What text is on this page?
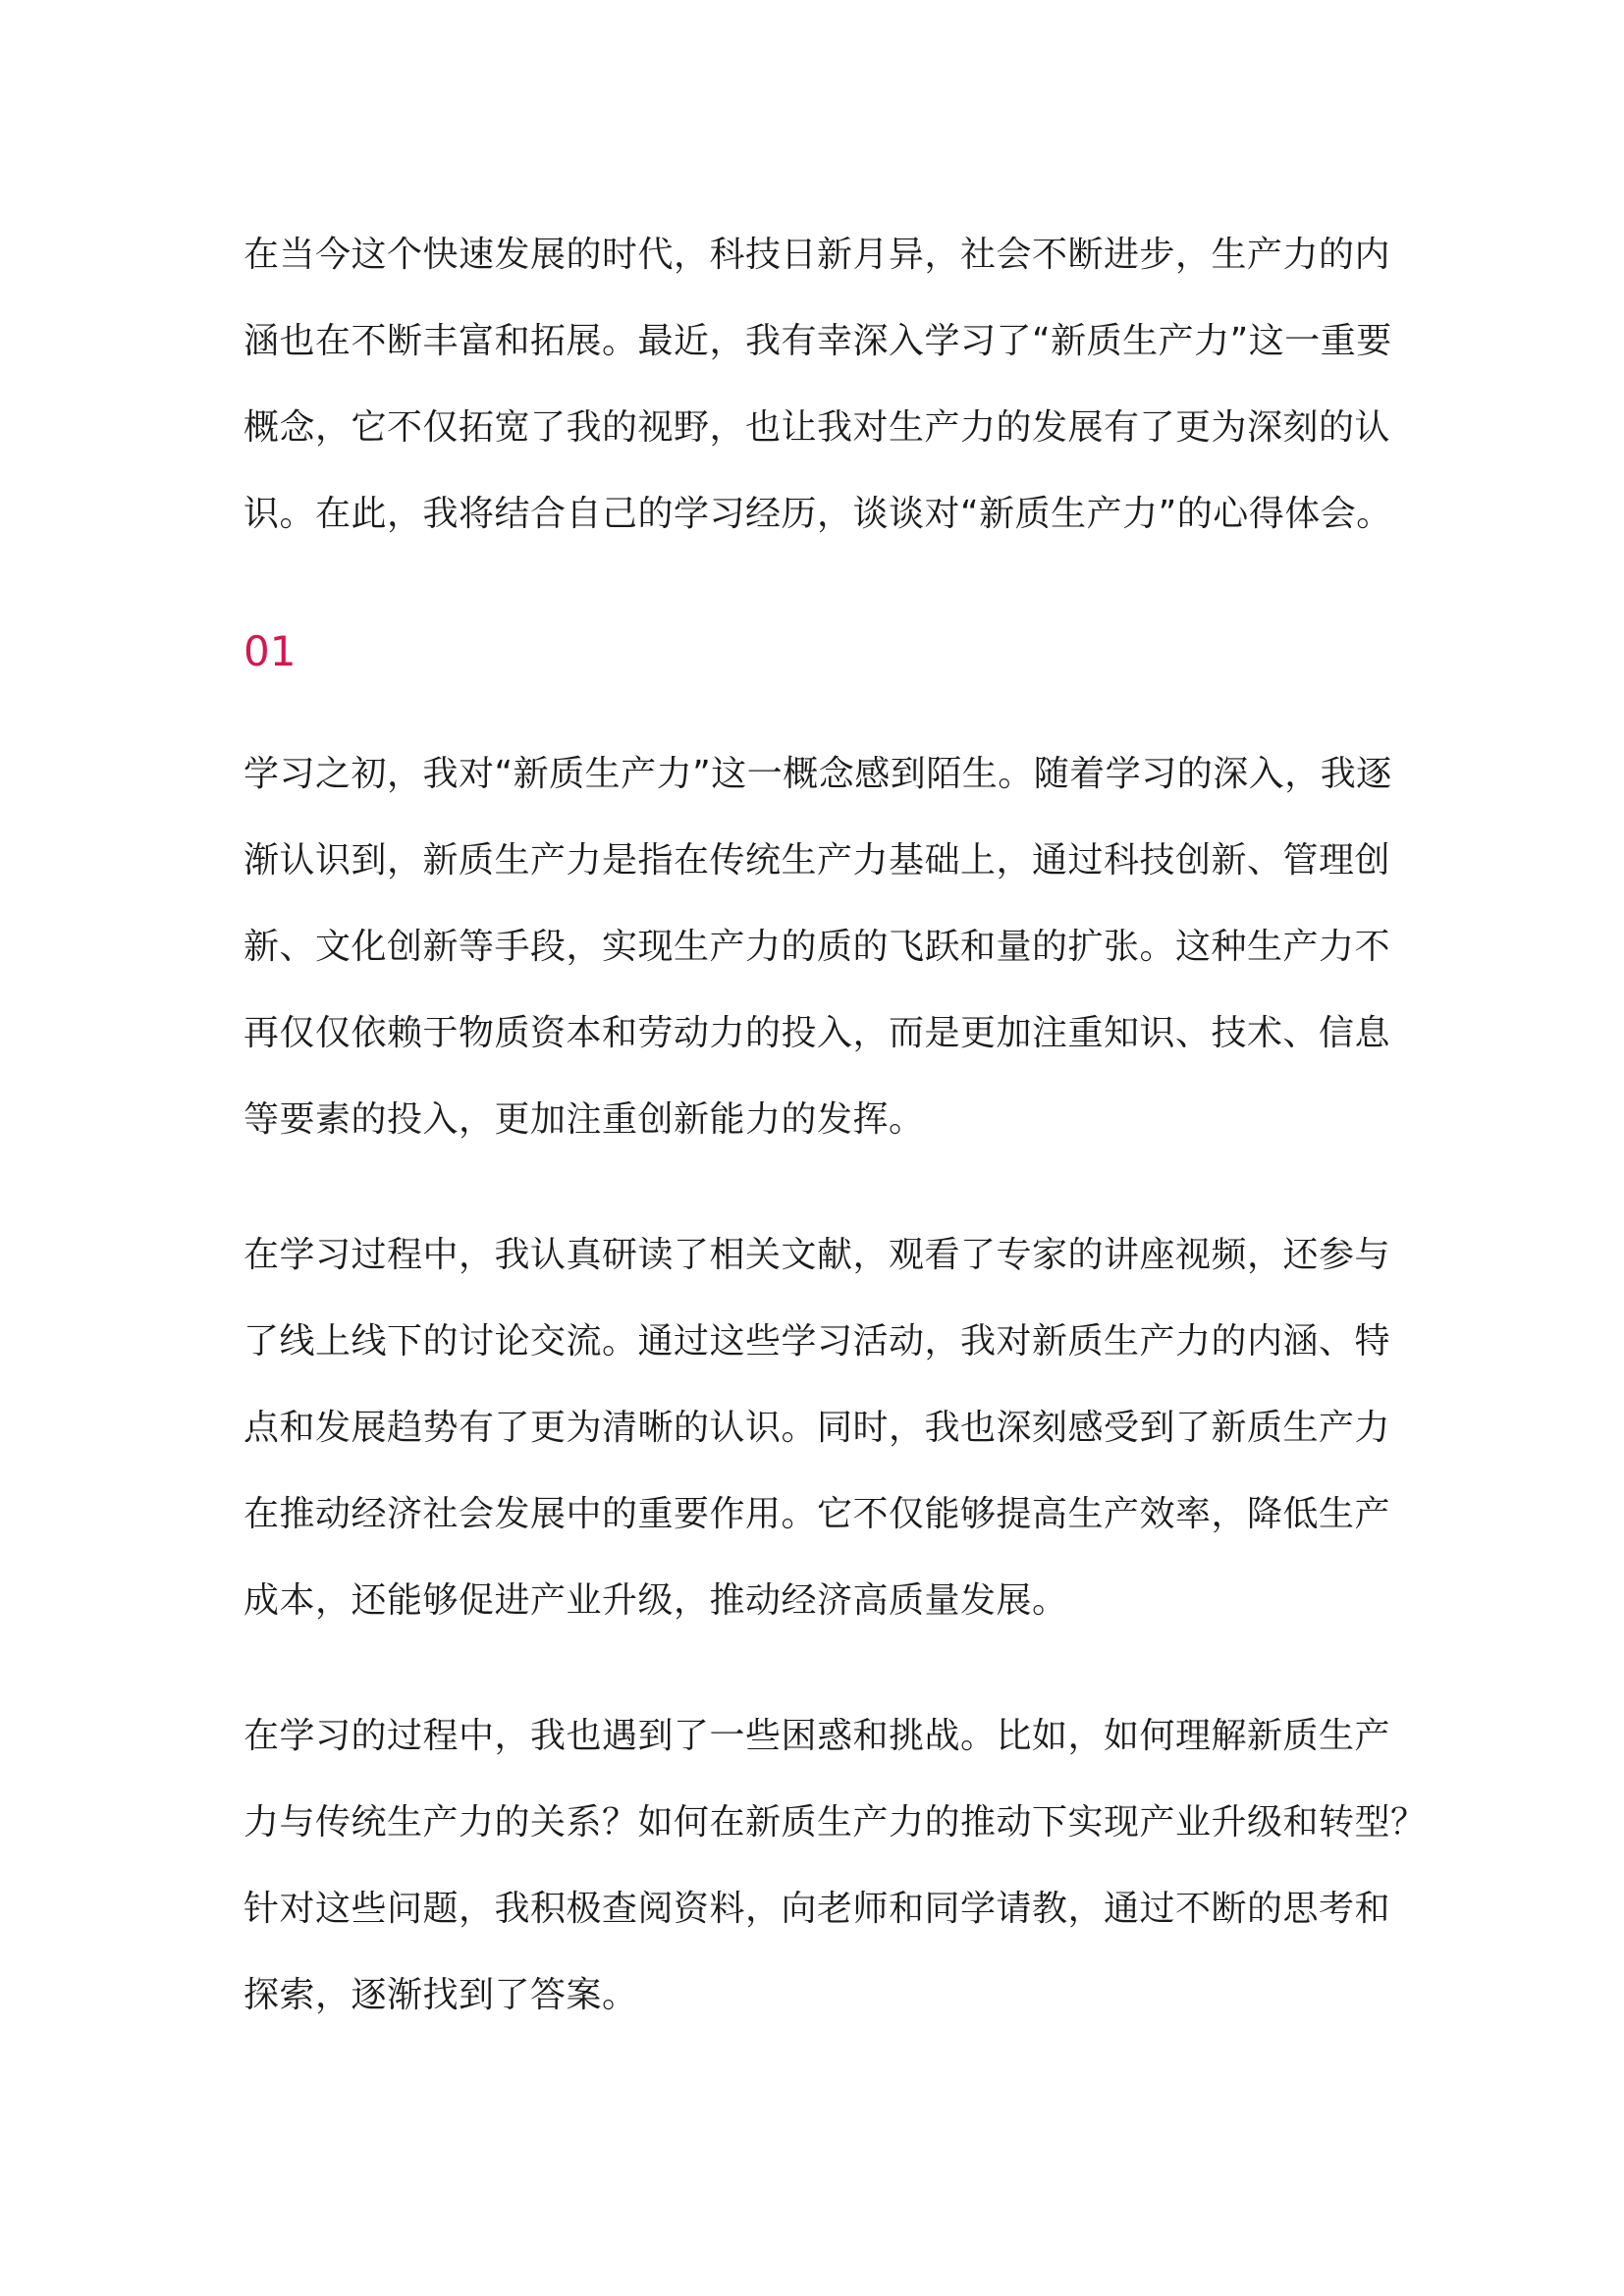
在当今这个快速发展的时代，科技日新月异，社会不断进步，生产力的内
涵也在不断丰富和拓展。最近，我有幸深入学习了“新质生产力”这一重要
概念，它不仅拓宽了我的视野，也让我对生产力的发展有了更为深刻的认
识。在此，我将结合自己的学习经历，谈谈对“新质生产力”的心得体会。
01
学习之初，我对“新质生产力”这一概念感到陌生。随着学习的深入，我逐
渐认识到，新质生产力是指在传统生产力基础上，通过科技创新、管理创
新、文化创新等手段，实现生产力的质的飞跃和量的扩张。这种生产力不
再仅仅依赖于物质资本和劳动力的投入，而是更加注重知识、技术、信息
等要素的投入，更加注重创新能力的发挥。
在学习过程中，我认真研读了相关文献，观看了专家的讲座视频，还参与
了线上线下的讨论交流。通过这些学习活动，我对新质生产力的内涵、特
点和发展趋势有了更为清晰的认识。同时，我也深刻感受到了新质生产力
在推动经济社会发展中的重要作用。它不仅能够提高生产效率，降低生产
成本，还能够促进产业升级，推动经济高质量发展。
在学习的过程中，我也遇到了一些困惑和挑战。比如，如何理解新质生产
力与传统生产力的关系？如何在新质生产力的推动下实现产业升级和转型？
针对这些问题，我积极查阅资料，向老师和同学请教，通过不断的思考和
探索，逐渐找到了答案。
